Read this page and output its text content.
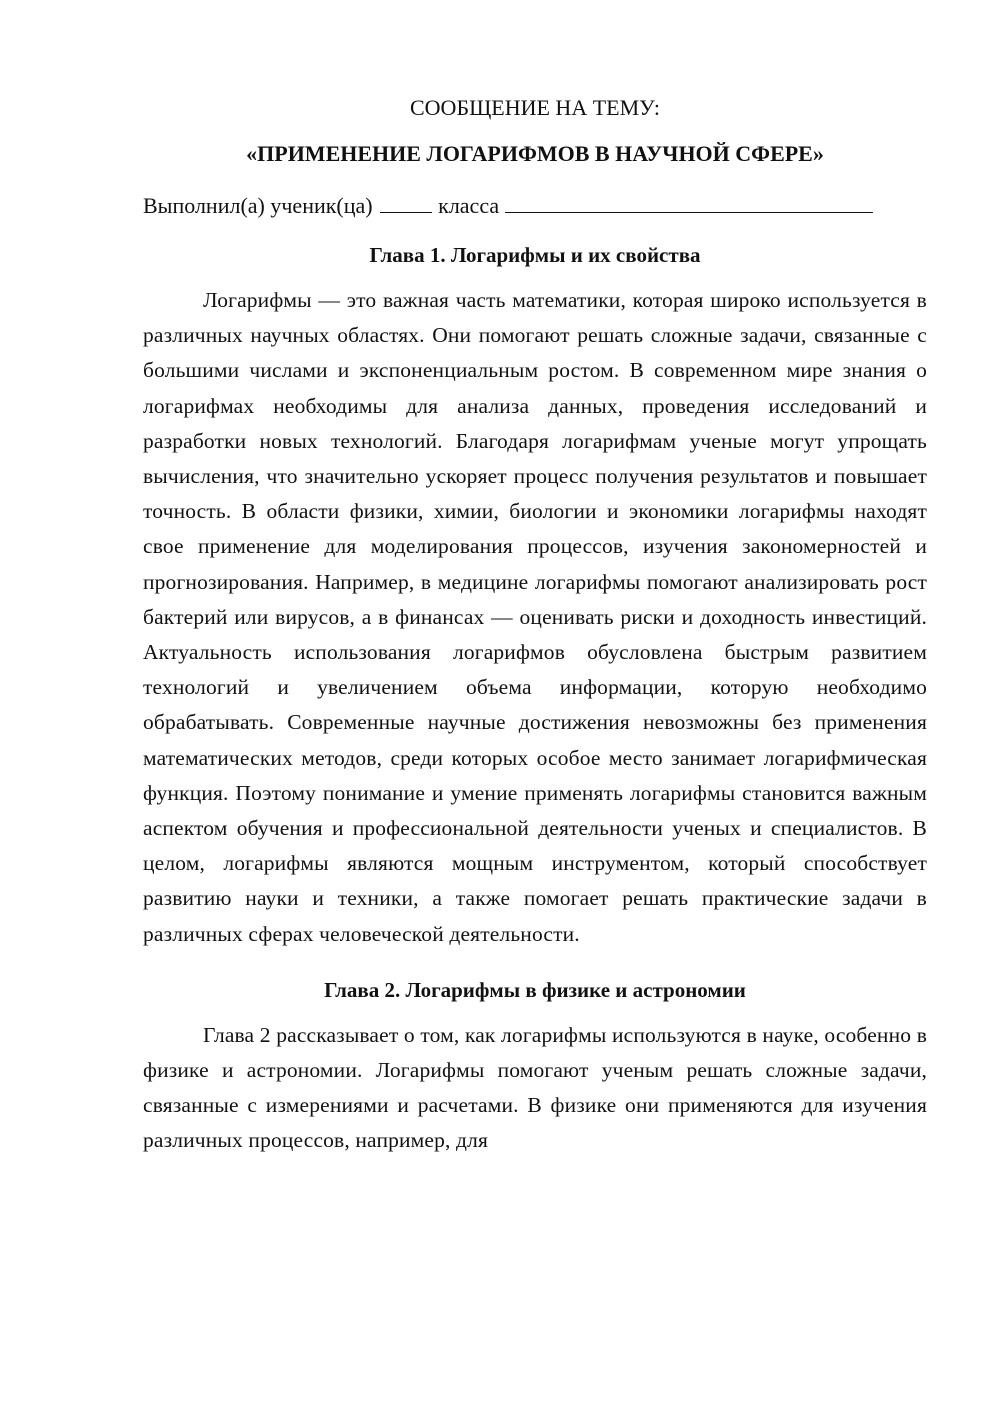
СООБЩЕНИЕ НА ТЕМУ:

«ПРИМЕНЕНИЕ ЛОГАРИФМОВ В НАУЧНОЙ СФЕРЕ»

Выполнил(а) ученик(ца)	класса

Глава 1. Логарифмы и их свойства

Логарифмы — это важная часть математики, которая широко используется в различных научных областях. Они помогают решать сложные задачи, связанные с большими числами и экспоненциальным ростом. В современном мире знания о логарифмах необходимы для анализа данных, проведения исследований и разработки новых технологий. Благодаря логарифмам ученые могут упрощать вычисления, что значительно ускоряет процесс получения результатов и повышает точность. В области физики, химии, биологии и экономики логарифмы находят свое применение для моделирования процессов, изучения закономерностей и прогнозирования. Например, в медицине логарифмы помогают анализировать рост бактерий или вирусов, а в финансах — оценивать риски и доходность инвестиций. Актуальность использования логарифмов обусловлена быстрым развитием технологий и увеличением объема информации, которую необходимо обрабатывать. Современные научные достижения невозможны без применения математических методов, среди которых особое место занимает логарифмическая функция. Поэтому понимание и умение применять логарифмы становится важным аспектом обучения и профессиональной деятельности ученых и специалистов. В целом, логарифмы являются мощным инструментом, который способствует развитию науки и техники, а также помогает решать практические задачи в различных сферах человеческой деятельности.

Глава 2. Логарифмы в физике и астрономии

Глава 2 рассказывает о том, как логарифмы используются в науке, особенно в физике и астрономии. Логарифмы помогают ученым решать сложные задачи, связанные с измерениями и расчетами. В физике они применяются для изучения различных процессов, например, для
